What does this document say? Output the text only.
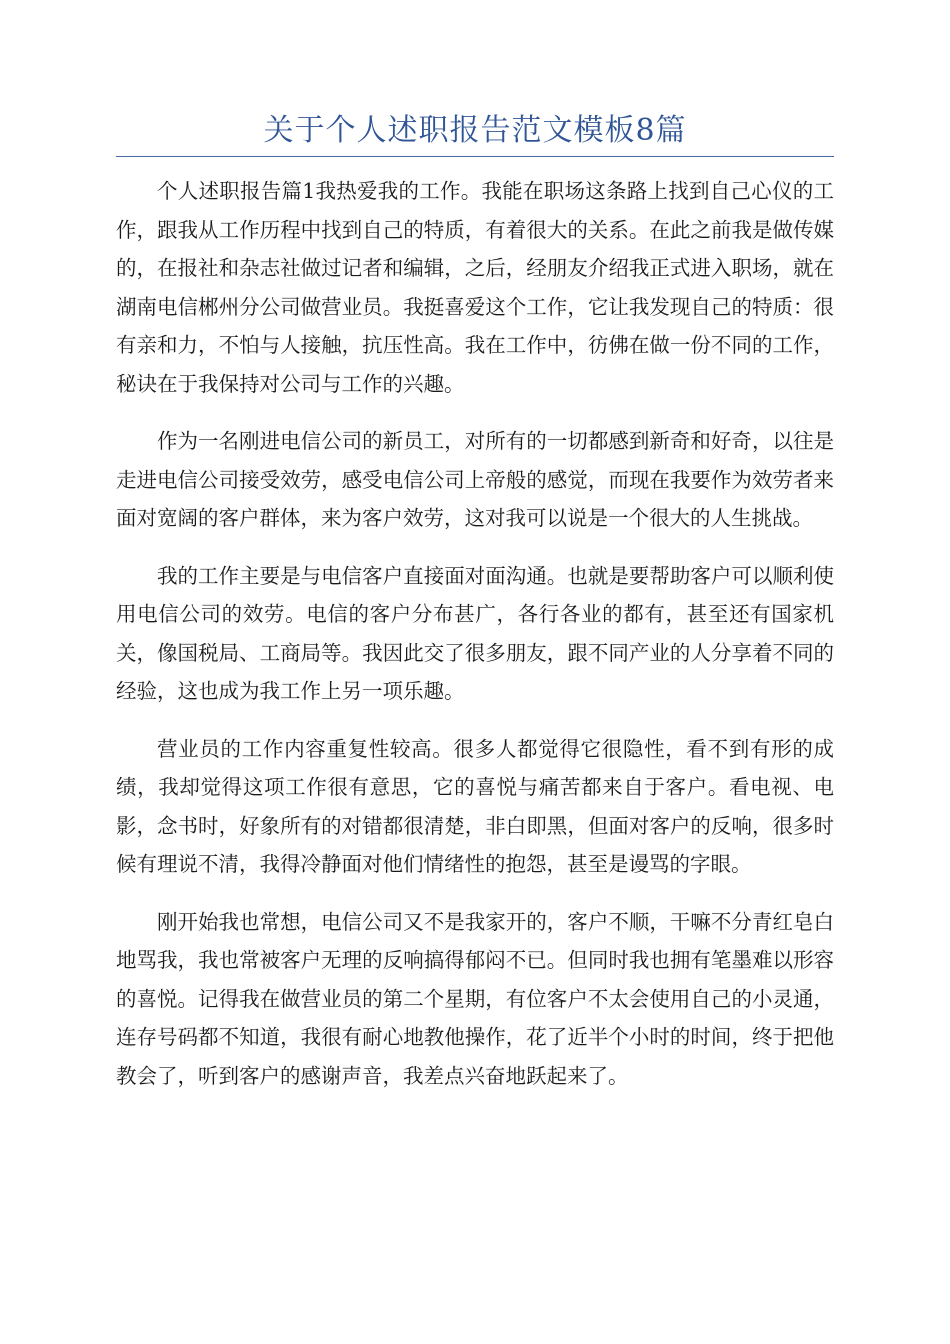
关于个人述职报告范文模板8篇

个人述职报告篇1我热爱我的工作。我能在职场这条路上找到自己心仪的工作，跟我从工作历程中找到自己的特质，有着很大的关系。在此之前我是做传媒的，在报社和杂志社做过记者和编辑，之后，经朋友介绍我正式进入职场，就在湖南电信郴州分公司做营业员。我挺喜爱这个工作，它让我发现自己的特质：很有亲和力，不怕与人接触，抗压性高。我在工作中，彷佛在做一份不同的工作，秘诀在于我保持对公司与工作的兴趣。

作为一名刚进电信公司的新员工，对所有的一切都感到新奇和好奇，以往是走进电信公司接受效劳，感受电信公司上帝般的感觉，而现在我要作为效劳者来面对宽阔的客户群体，来为客户效劳，这对我可以说是一个很大的人生挑战。

我的工作主要是与电信客户直接面对面沟通。也就是要帮助客户可以顺利使用电信公司的效劳。电信的客户分布甚广，各行各业的都有，甚至还有国家机关，像国税局、工商局等。我因此交了很多朋友，跟不同产业的人分享着不同的经验，这也成为我工作上另一项乐趣。

营业员的工作内容重复性较高。很多人都觉得它很隐性，看不到有形的成绩，我却觉得这项工作很有意思，它的喜悦与痛苦都来自于客户。看电视、电影，念书时，好象所有的对错都很清楚，非白即黑，但面对客户的反响，很多时候有理说不清，我得冷静面对他们情绪性的抱怨，甚至是谩骂的字眼。

刚开始我也常想，电信公司又不是我家开的，客户不顺，干嘛不分青红皂白地骂我，我也常被客户无理的反响搞得郁闷不已。但同时我也拥有笔墨难以形容的喜悦。记得我在做营业员的第二个星期，有位客户不太会使用自己的小灵通，连存号码都不知道，我很有耐心地教他操作，花了近半个小时的时间，终于把他教会了，听到客户的感谢声音，我差点兴奋地跃起来了。
